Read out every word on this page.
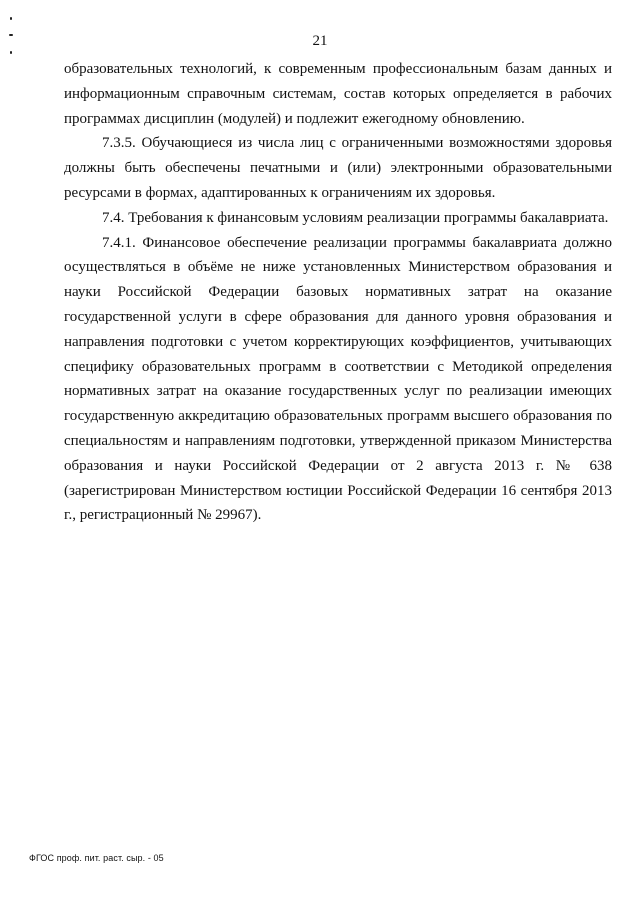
21

образовательных технологий, к современным профессиональным базам данных и информационным справочным системам, состав которых определяется в рабочих программах дисциплин (модулей) и подлежит ежегодному обновлению.

7.3.5. Обучающиеся из числа лиц с ограниченными возможностями здоровья должны быть обеспечены печатными и (или) электронными образовательными ресурсами в формах, адаптированных к ограничениям их здоровья.

7.4. Требования к финансовым условиям реализации программы бакалавриата.

7.4.1. Финансовое обеспечение реализации программы бакалавриата должно осуществляться в объёме не ниже установленных Министерством образования и науки Российской Федерации базовых нормативных затрат на оказание государственной услуги в сфере образования для данного уровня образования и направления подготовки с учетом корректирующих коэффициентов, учитывающих специфику образовательных программ в соответствии с Методикой определения нормативных затрат на оказание государственных услуг по реализации имеющих государственную аккредитацию образовательных программ высшего образования по специальностям и направлениям подготовки, утвержденной приказом Министерства образования и науки Российской Федерации от 2 августа 2013 г. № 638 (зарегистрирован Министерством юстиции Российской Федерации 16 сентября 2013 г., регистрационный № 29967).

ФГОС проф. пит. раст. сыр. - 05
